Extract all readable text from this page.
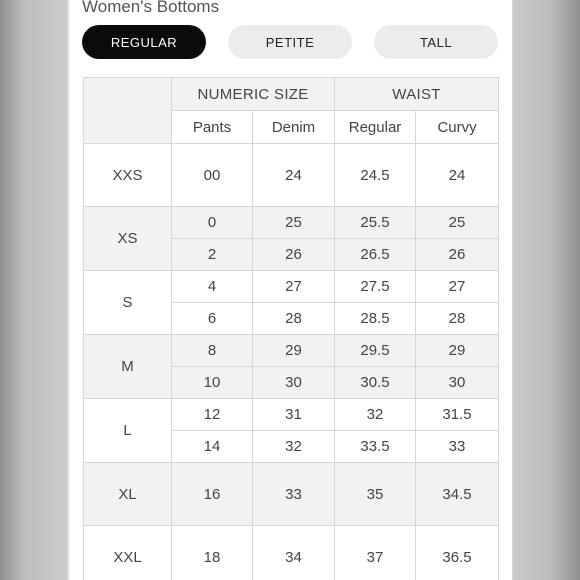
Women's Bottoms
REGULAR	PETITE	TALL
	NUMERIC SIZE		WAIST	
	Pants	Denim	Regular	Curvy
XXS	00	24	24.5	24
XS	0	25	25.5	25
	2	26	26.5	26
S	4	27	27.5	27
	6	28	28.5	28
M	8	29	29.5	29
	10	30	30.5	30
L	12	31	32	31.5
	14	32	33.5	33
XL	16	33	35	34.5
XXL	18	34	37	36.5
